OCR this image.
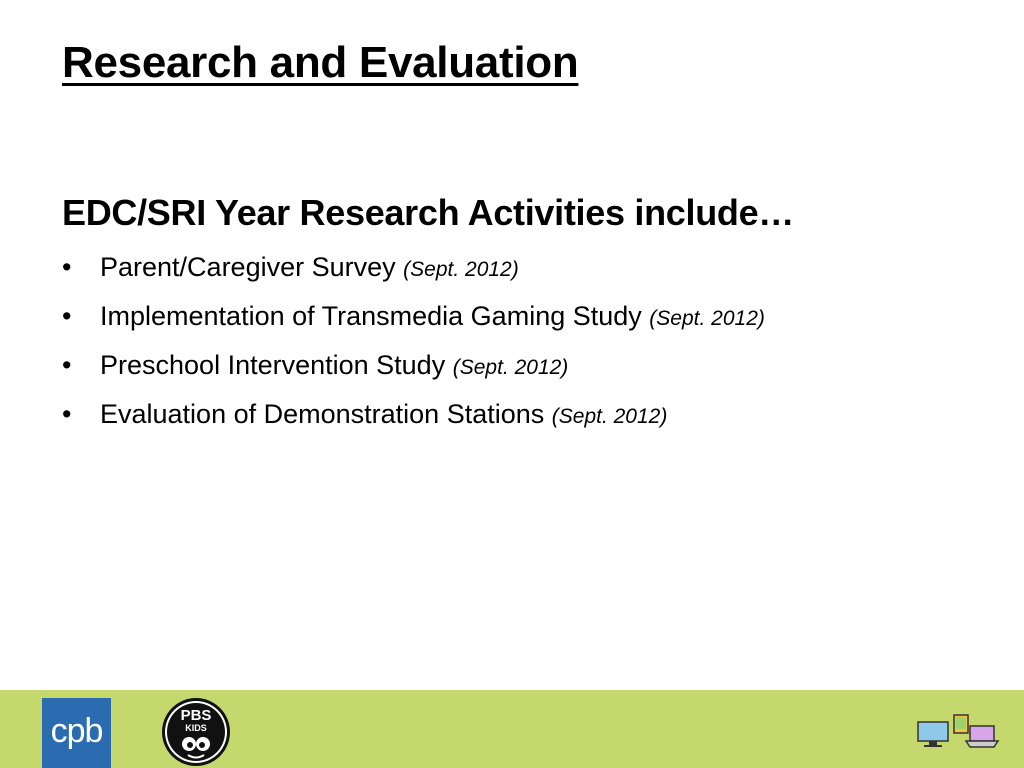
Research and Evaluation
EDC/SRI Year Research Activities include…
• Parent/Caregiver Survey (Sept. 2012)
• Implementation of Transmedia Gaming Study (Sept. 2012)
• Preschool Intervention Study (Sept. 2012)
• Evaluation of Demonstration Stations (Sept. 2012)
cpb	PBS
KIDS
